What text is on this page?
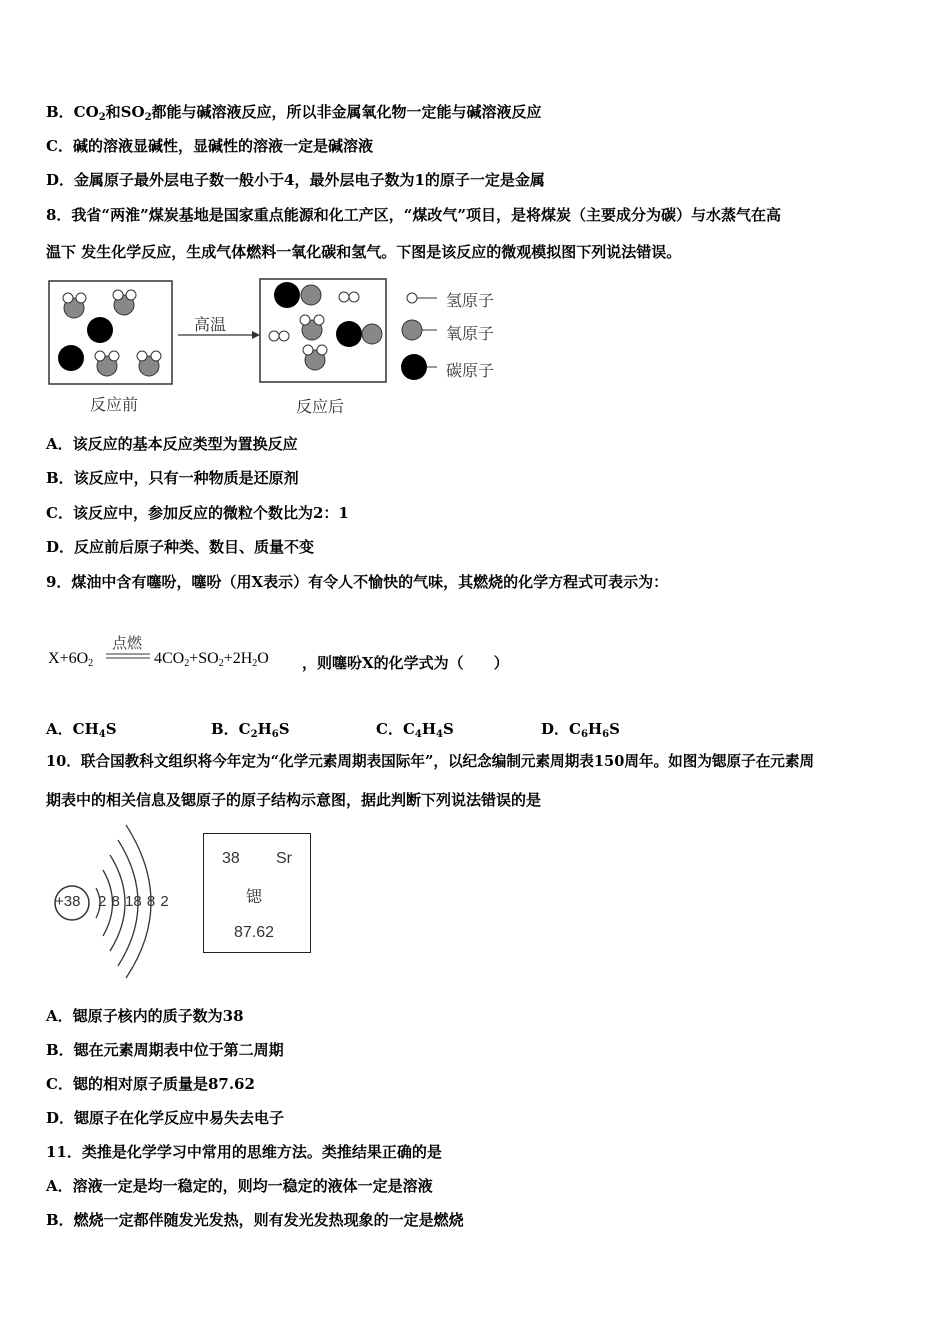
B．$CO_2$和$SO_2$都能与碱溶液反应，所以非金属氧化物一定能与碱溶液反应
C．碱的溶液显碱性，显碱性的溶液一定是碱溶液
D．金属原子最外层电子数一般小于4，最外层电子数为1的原子一定是金属
8．我省“两淮”煤炭基地是国家重点能源和化工产区，“煤改气”项目，是将煤炭（主要成分为碳）与水蒸气在高
温下 发生化学反应，生成气体燃料一氧化碳和氢气。下图是该反应的微观模拟图下列说法错误。
高温
反应前	反应后
氢原子
氧原子
碳原子
A．该反应的基本反应类型为置换反应
B．该反应中，只有一种物质是还原剂
C．该反应中，参加反应的微粒个数比为2：1
D．反应前后原子种类、数目、质量不变
9．煤油中含有噻吩，噻吩（用X表示）有令人不愉快的气味，其燃烧的化学方程式可表示为：
$X+6O_2$
点燃
$4CO_2+SO_2+2H_2O$ ，则噻吩X的化学式为（　　）
A．$CH_4S$	B．$C_2H_6S$	C．$C_4H_4S$	D．$C_6H_6S$
10．联合国教科文组织将今年定为“化学元素周期表国际年”，以纪念编制元素周期表150周年。如图为锶原子在元素周
期表中的相关信息及锶原子的原子结构示意图，据此判断下列说法错误的是
+38 2 8 18 8 2
38 Sr
锶
87.62
A．锶原子核内的质子数为38
B．锶在元素周期表中位于第二周期
C．锶的相对原子质量是87.62
D．锶原子在化学反应中易失去电子
11．类推是化学学习中常用的思维方法。类推结果正确的是
A．溶液一定是均一稳定的，则均一稳定的液体一定是溶液
B．燃烧一定都伴随发光发热，则有发光发热现象的一定是燃烧
